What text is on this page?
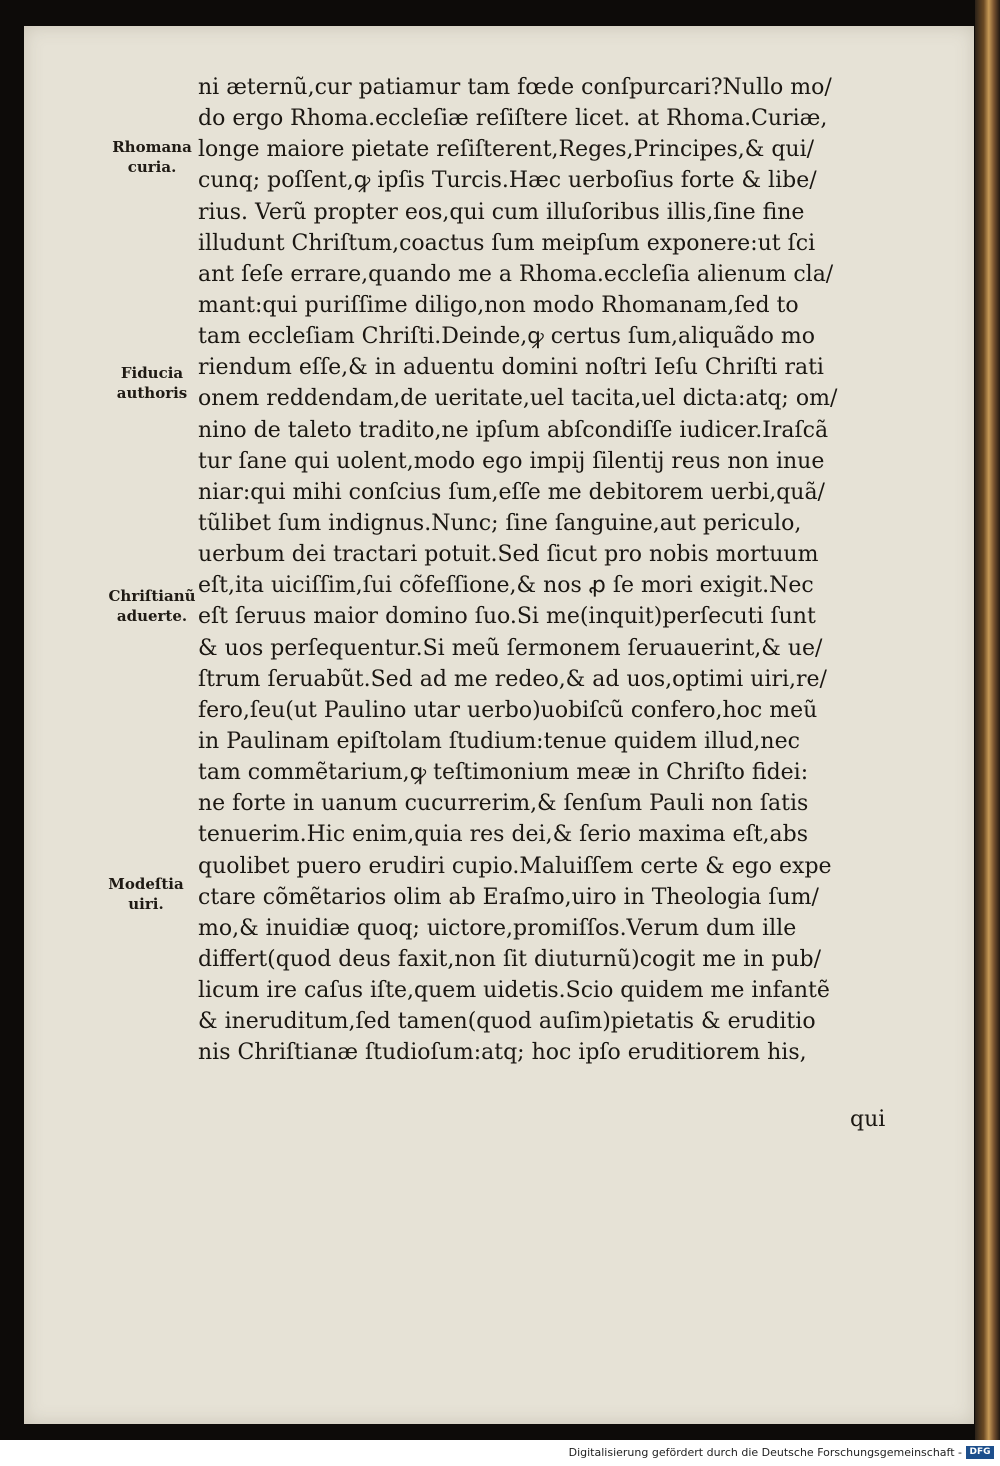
Rhomana
curia.
Fiducia
authoris
Chriſtianũ
aduerte.
Modeſtia
uiri.
ni æternũ,cur patiamur tam fœde conſpurcari?Nullo mo/
do ergo Rhoma.eccleſiæ reſiſtere licet. at Rhoma.Curiæ,
longe maiore pietate reſiſterent,Reges,Principes,& qui/
cunq; poſſent,ꝙ ipſis Turcis.Hæc uerboſius forte & libe/
rius. Verũ propter eos,qui cum illuſoribus illis,ſine fine
illudunt Chriſtum,coactus ſum meipſum exponere:ut ſci
ant ſeſe errare,quando me a Rhoma.eccleſia alienum cla/
mant:qui puriſſime diligo,non modo Rhomanam,ſed to
tam eccleſiam Chriſti.Deinde,ꝙ certus ſum,aliquãdo mo
riendum eſſe,& in aduentu domini noſtri Ieſu Chriſti rati
onem reddendam,de ueritate,uel tacita,uel dicta:atq; om/
nino de taleto tradito,ne ipſum abſcondiſſe iudicer.Iraſcã
tur ſane qui uolent,modo ego impij ſilentij reus non inue
niar:qui mihi conſcius ſum,eſſe me debitorem uerbi,quã/
tũlibet ſum indignus.Nunc; ſine ſanguine,aut periculo,
uerbum dei tractari potuit.Sed ſicut pro nobis mortuum
eſt,ita uiciſſim,ſui cõfeſſione,& nos ꝓ ſe mori exigit.Nec
eſt ſeruus maior domino ſuo.Si me(inquit)perſecuti ſunt
& uos perſequentur.Si meũ ſermonem ſeruauerint,& ue/
ſtrum ſeruabũt.Sed ad me redeo,& ad uos,optimi uiri,re/
fero,ſeu(ut Paulino utar uerbo)uobiſcũ confero,hoc meũ
in Paulinam epiſtolam ſtudium:tenue quidem illud,nec
tam commẽtarium,ꝙ teſtimonium meæ in Chriſto fidei:
ne forte in uanum cucurrerim,& ſenſum Pauli non ſatis
tenuerim.Hic enim,quia res dei,& ſerio maxima eſt,abs
quolibet puero erudiri cupio.Maluiſſem certe & ego expe
ctare cõmẽtarios olim ab Eraſmo,uiro in Theologia ſum/
mo,& inuidiæ quoq; uictore,promiſſos.Verum dum ille
differt(quod deus faxit,non ſit diuturnũ)cogit me in pub/
licum ire caſus iſte,quem uidetis.Scio quidem me infantẽ
& ineruditum,ſed tamen(quod auſim)pietatis & eruditio
nis Chriſtianæ ſtudioſum:atq; hoc ipſo eruditiorem his,
qui
Digitalisierung gefördert durch die Deutsche Forschungsgemeinschaft - DFG
